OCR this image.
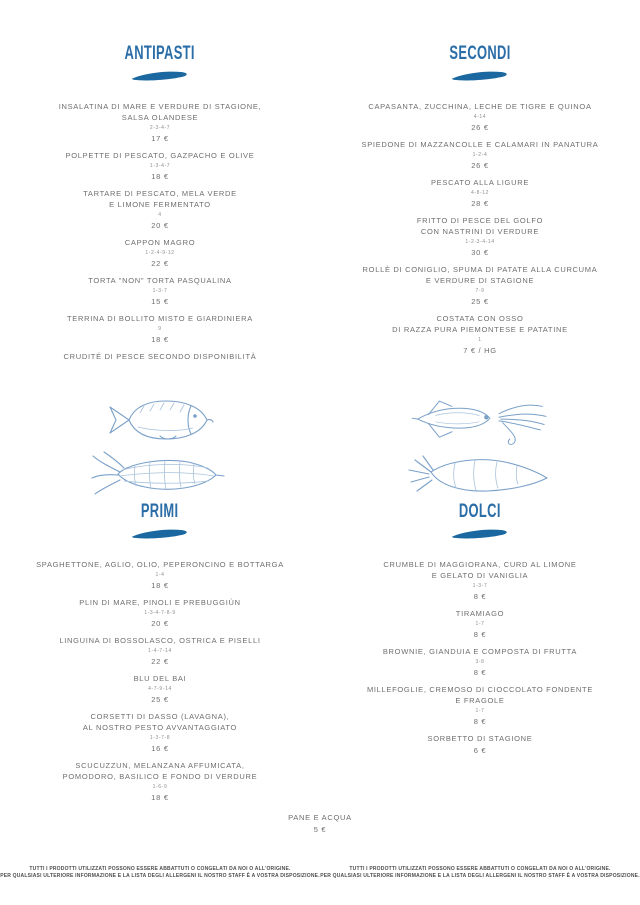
ANTIPASTI
INSALATINA DI MARE E VERDURE DI STAGIONE,
SALSA OLANDESE
2-3-4-7
17 €
POLPETTE DI PESCATO, GAZPACHO E OLIVE
1-3-4-7
18 €
TARTARE DI PESCATO, MELA VERDE
E LIMONE FERMENTATO
4
20 €
CAPPON MAGRO
1-2-4-9-12
22 €
TORTA "NON" TORTA PASQUALINA
1-3-7
15 €
TERRINA DI BOLLITO MISTO E GIARDINIERA
9
18 €
CRUDITÉ DI PESCE SECONDO DISPONIBILITÀ
PRIMI
SPAGHETTONE, AGLIO, OLIO, PEPERONCINO E BOTTARGA
1-4
18 €
PLIN DI MARE, PINOLI E PREBUGGIÙN
1-3-4-7-8-9
20 €
LINGUINA DI BOSSOLASCO, OSTRICA E PISELLI
1-4-7-14
22 €
BLU DEL BAI
4-7-9-14
25 €
CORSETTI DI DASSO (LAVAGNA),
AL NOSTRO PESTO AVVANTAGGIATO
1-3-7-8
16 €
SCUCUZZUN, MELANZANA AFFUMICATA,
POMODORO, BASILICO E FONDO DI VERDURE
1-6-9
18 €
SECONDI
CAPASANTA, ZUCCHINA, LECHE DE TIGRE E QUINOA
4-14
26 €
SPIEDONE DI MAZZANCOLLE E CALAMARI IN PANATURA
1-2-4
26 €
PESCATO ALLA LIGURE
4-8-12
28 €
FRITTO DI PESCE DEL GOLFO
CON NASTRINI DI VERDURE
1-2-3-4-14
30 €
ROLLÈ DI CONIGLIO, SPUMA DI PATATE ALLA CURCUMA
E VERDURE DI STAGIONE
7-9
25 €
COSTATA CON OSSO
DI RAZZA PURA PIEMONTESE E PATATINE
1
7 € / HG
DOLCI
CRUMBLE DI MAGGIORANA, CURD AL LIMONE
E GELATO DI VANIGLIA
1-3-7
8 €
TIRAMIAGO
1-7
8 €
BROWNIE, GIANDUIA E COMPOSTA DI FRUTTA
3-8
8 €
MILLEFOGLIE, CREMOSO DI CIOCCOLATO FONDENTE
E FRAGOLE
1-7
8 €
SORBETTO DI STAGIONE
6 €
PANE E ACQUA
5 €
TUTTI I PRODOTTI UTILIZZATI POSSONO ESSERE ABBATTUTI O CONGELATI DA NOI O ALL'ORIGINE.
PER QUALSIASI ULTERIORE INFORMAZIONE E LA LISTA DEGLI ALLERGENI IL NOSTRO STAFF È A VOSTRA DISPOSIZIONE.
TUTTI I PRODOTTI UTILIZZATI POSSONO ESSERE ABBATTUTI O CONGELATI DA NOI O ALL'ORIGINE.
PER QUALSIASI ULTERIORE INFORMAZIONE E LA LISTA DEGLI ALLERGENI IL NOSTRO STAFF È A VOSTRA DISPOSIZIONE.
